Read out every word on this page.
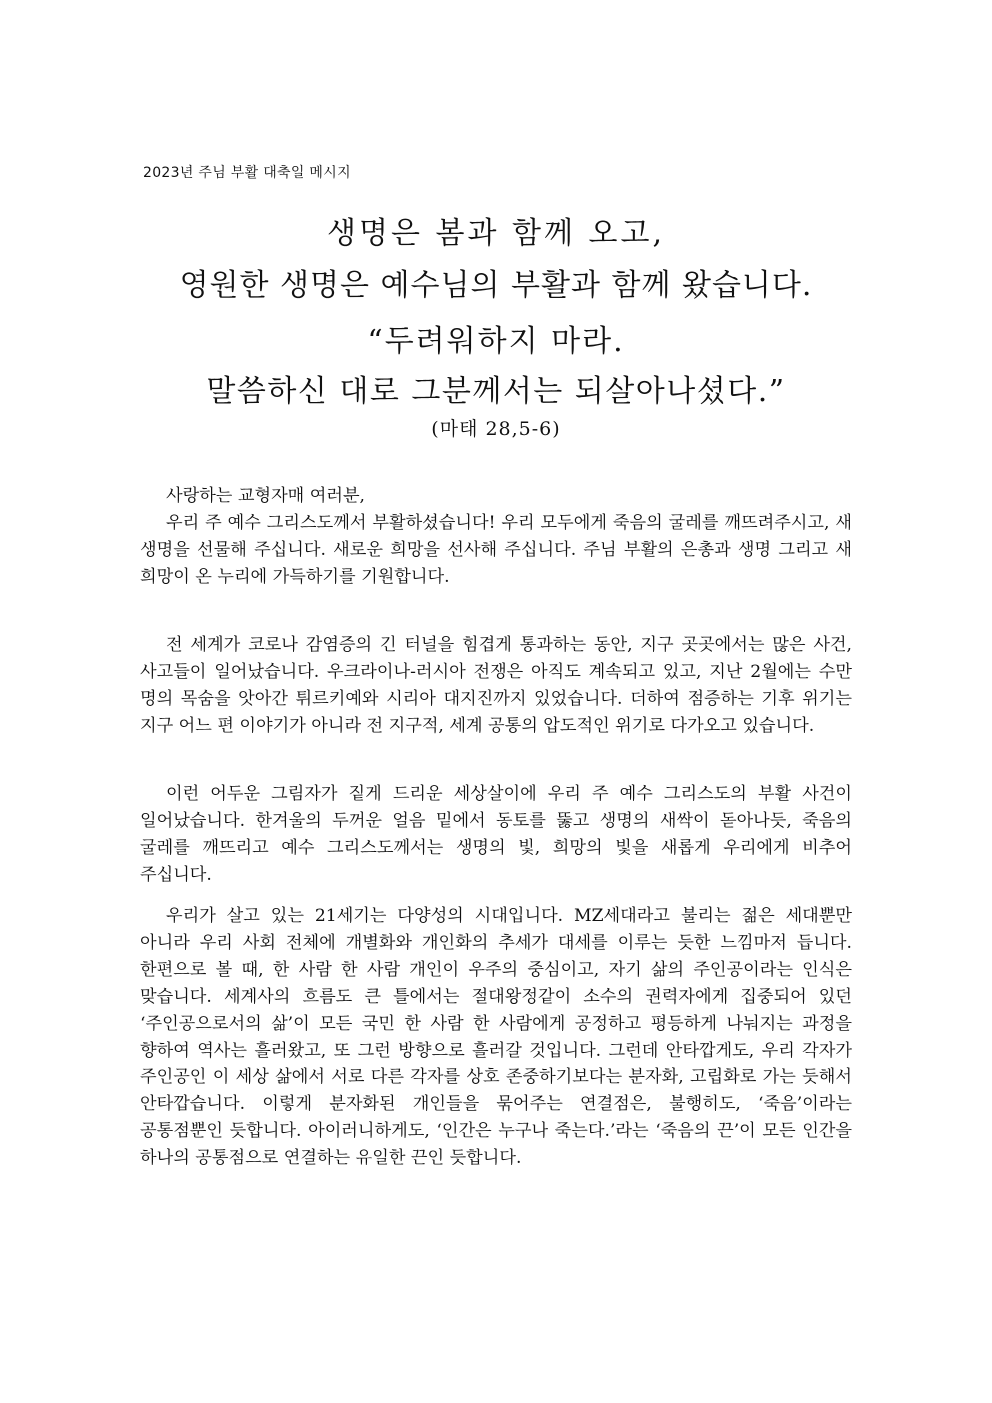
2023년 주님 부활 대축일 메시지
생명은 봄과 함께 오고,
영원한 생명은 예수님의 부활과 함께 왔습니다.
“두려워하지 마라.
말씀하신 대로 그분께서는 되살아나셨다.”
(마태 28,5-6)
사랑하는 교형자매 여러분,

우리 주 예수 그리스도께서 부활하셨습니다! 우리 모두에게 죽음의 굴레를 깨뜨려주시고, 새 생명을 선물해 주십니다. 새로운 희망을 선사해 주십니다. 주님 부활의 은총과 생명 그리고 새 희망이 온 누리에 가득하기를 기원합니다.

전 세계가 코로나 감염증의 긴 터널을 힘겹게 통과하는 동안, 지구 곳곳에서는 많은 사건, 사고들이 일어났습니다. 우크라이나-러시아 전쟁은 아직도 계속되고 있고, 지난 2월에는 수만 명의 목숨을 앗아간 튀르키예와 시리아 대지진까지 있었습니다. 더하여 점증하는 기후 위기는 지구 어느 편 이야기가 아니라 전 지구적, 세계 공통의 압도적인 위기로 다가오고 있습니다.

이런 어두운 그림자가 짙게 드리운 세상살이에 우리 주 예수 그리스도의 부활 사건이 일어났습니다. 한겨울의 두꺼운 얼음 밑에서 동토를 뚫고 생명의 새싹이 돋아나듯, 죽음의 굴레를 깨뜨리고 예수 그리스도께서는 생명의 빛, 희망의 빛을 새롭게 우리에게 비추어 주십니다.

우리가 살고 있는 21세기는 다양성의 시대입니다. MZ세대라고 불리는 젊은 세대뿐만 아니라 우리 사회 전체에 개별화와 개인화의 추세가 대세를 이루는 듯한 느낌마저 듭니다. 한편으로 볼 때, 한 사람 한 사람 개인이 우주의 중심이고, 자기 삶의 주인공이라는 인식은 맞습니다. 세계사의 흐름도 큰 틀에서는 절대왕정같이 소수의 권력자에게 집중되어 있던 ‘주인공으로서의 삶’이 모든 국민 한 사람 한 사람에게 공정하고 평등하게 나눠지는 과정을 향하여 역사는 흘러왔고, 또 그런 방향으로 흘러갈 것입니다. 그런데 안타깝게도, 우리 각자가 주인공인 이 세상 삶에서 서로 다른 각자를 상호 존중하기보다는 분자화, 고립화로 가는 듯해서 안타깝습니다. 이렇게 분자화된 개인들을 묶어주는 연결점은, 불행히도, ‘죽음’이라는 공통점뿐인 듯합니다. 아이러니하게도, ‘인간은 누구나 죽는다.’라는 ‘죽음의 끈’이 모든 인간을 하나의 공통점으로 연결하는 유일한 끈인 듯합니다.
